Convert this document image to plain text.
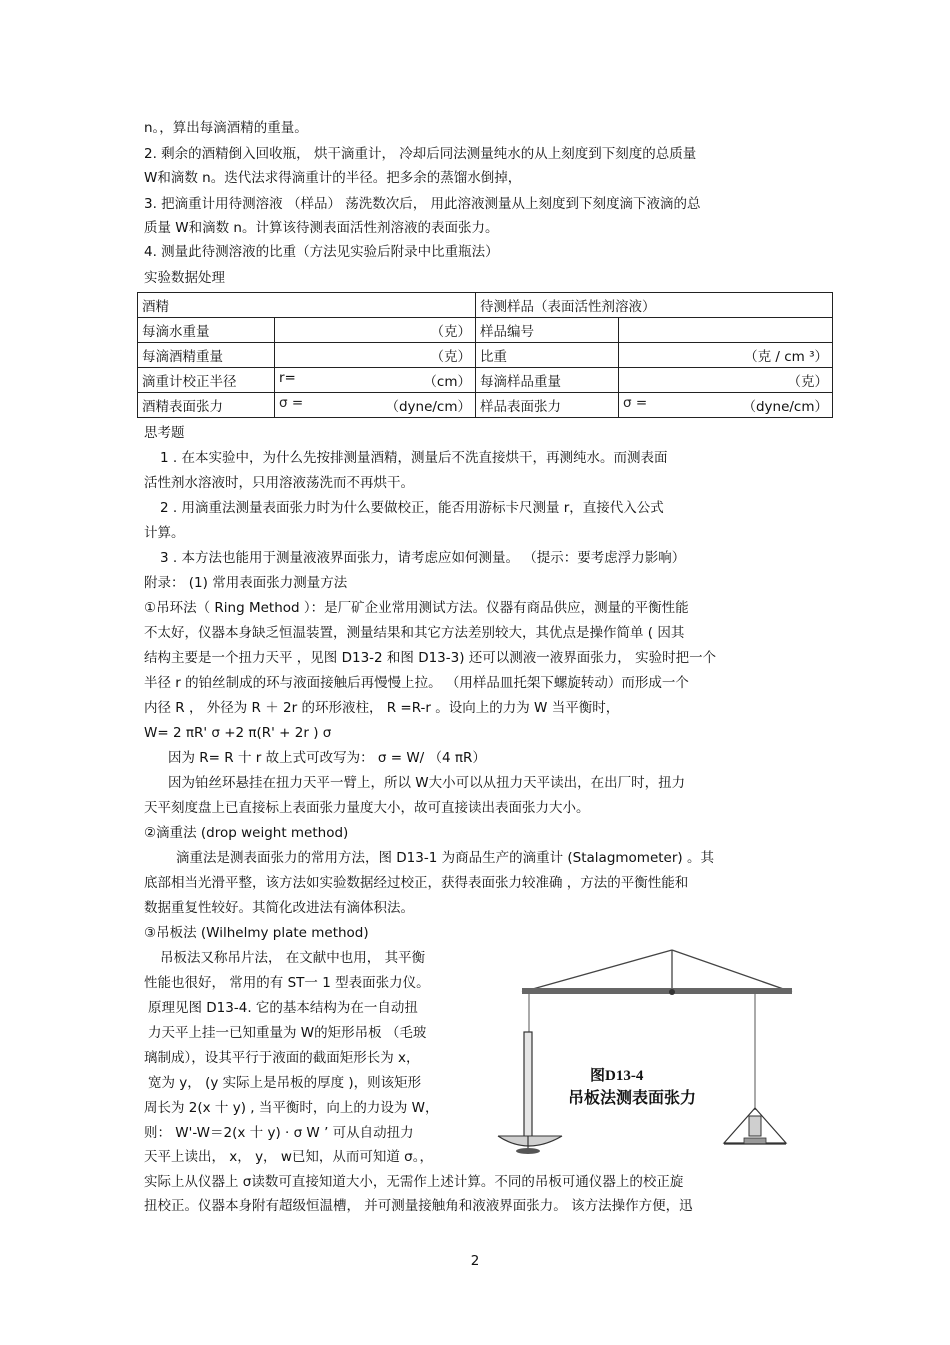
n。，算出每滴酒精的重量。
2. 剩余的酒精倒入回收瓶， 烘干滴重计， 冷却后同法测量纯水的从上刻度到下刻度的总质量
W和滴数 n。迭代法求得滴重计的半径。把多余的蒸馏水倒掉，
3. 把滴重计用待测溶液 （样品） 荡洗数次后， 用此溶液测量从上刻度到下刻度滴下液滴的总
质量 W和滴数 n。计算该待测表面活性剂溶液的表面张力。
4. 测量此待测溶液的比重（方法见实验后附录中比重瓶法）
实验数据处理
酒精		待测样品（表面活性剂溶液）	
每滴水重量	（克）	样品编号	
每滴酒精重量	（克）	比重	（克 / cm ³）
滴重计校正半径	r= （cm）	每滴样品重量	（克）
酒精表面张力	σ = （dyne/cm）	样品表面张力	σ = （dyne/cm）
思考题
1 . 在本实验中，为什么先按排测量酒精，测量后不洗直接烘干，再测纯水。而测表面
活性剂水溶液时，只用溶液荡洗而不再烘干。
2 . 用滴重法测量表面张力时为什么要做校正，能否用游标卡尺测量 r，直接代入公式
计算。
3 . 本方法也能用于测量液液界面张力，请考虑应如何测量。 （提示：要考虑浮力影响）
附录： (1) 常用表面张力测量方法
①吊环法（ Ring Method ）：是厂矿企业常用测试方法。仪器有商品供应，测量的平衡性能
不太好，仪器本身缺乏恒温装置，测量结果和其它方法差别较大，其优点是操作简单 ( 因其
结构主要是一个扭力天平 ，见图 D13-2 和图 D13-3) 还可以测液一液界面张力， 实验时把一个
半径 r 的铂丝制成的环与液面接触后再慢慢上拉。 （用样品皿托架下螺旋转动）而形成一个
内径 R ， 外径为 R ＋ 2r 的环形液柱， R =R-r 。设向上的力为 W 当平衡时，
W= 2 πR' σ +2 π(R' + 2r ) σ
因为 R= R 十 r 故上式可改写为： σ = W/ （4 πR）
因为铂丝环悬挂在扭力天平一臂上，所以 W大小可以从扭力天平读出，在出厂时，扭力
天平刻度盘上已直接标上表面张力量度大小，故可直接读出表面张力大小。
②滴重法 (drop weight method)
滴重法是测表面张力的常用方法，图 D13-1 为商品生产的滴重计 (Stalagmometer) 。其
底部相当光滑平整，该方法如实验数据经过校正，获得表面张力较准确 ，方法的平衡性能和
数据重复性较好。其简化改进法有滴体积法。
③吊板法 (Wilhelmy plate method)
吊板法又称吊片法， 在文献中也用， 其平衡
性能也很好， 常用的有 ST一 1 型表面张力仪。
原理见图 D13-4. 它的基本结构为在一自动扭
力天平上挂一已知重量为 W的矩形吊板 （毛玻
璃制成），设其平行于液面的截面矩形长为 x，
宽为 y， (y 实际上是吊板的厚度 )，则该矩形
周长为 2(x 十 y) , 当平衡时，向上的力设为 W，
则： W'-W＝2(x 十 y) · σ W ’ 可从自动扭力
天平上读出， x， y， w已知，从而可知道 σ。，
实际上从仪器上 σ读数可直接知道大小，无需作上述计算。不同的吊板可通仪器上的校正旋
扭校正。仪器本身附有超级恒温槽， 并可测量接触角和液液界面张力。 该方法操作方便，迅
图D13-4
吊板法测表面张力
2
